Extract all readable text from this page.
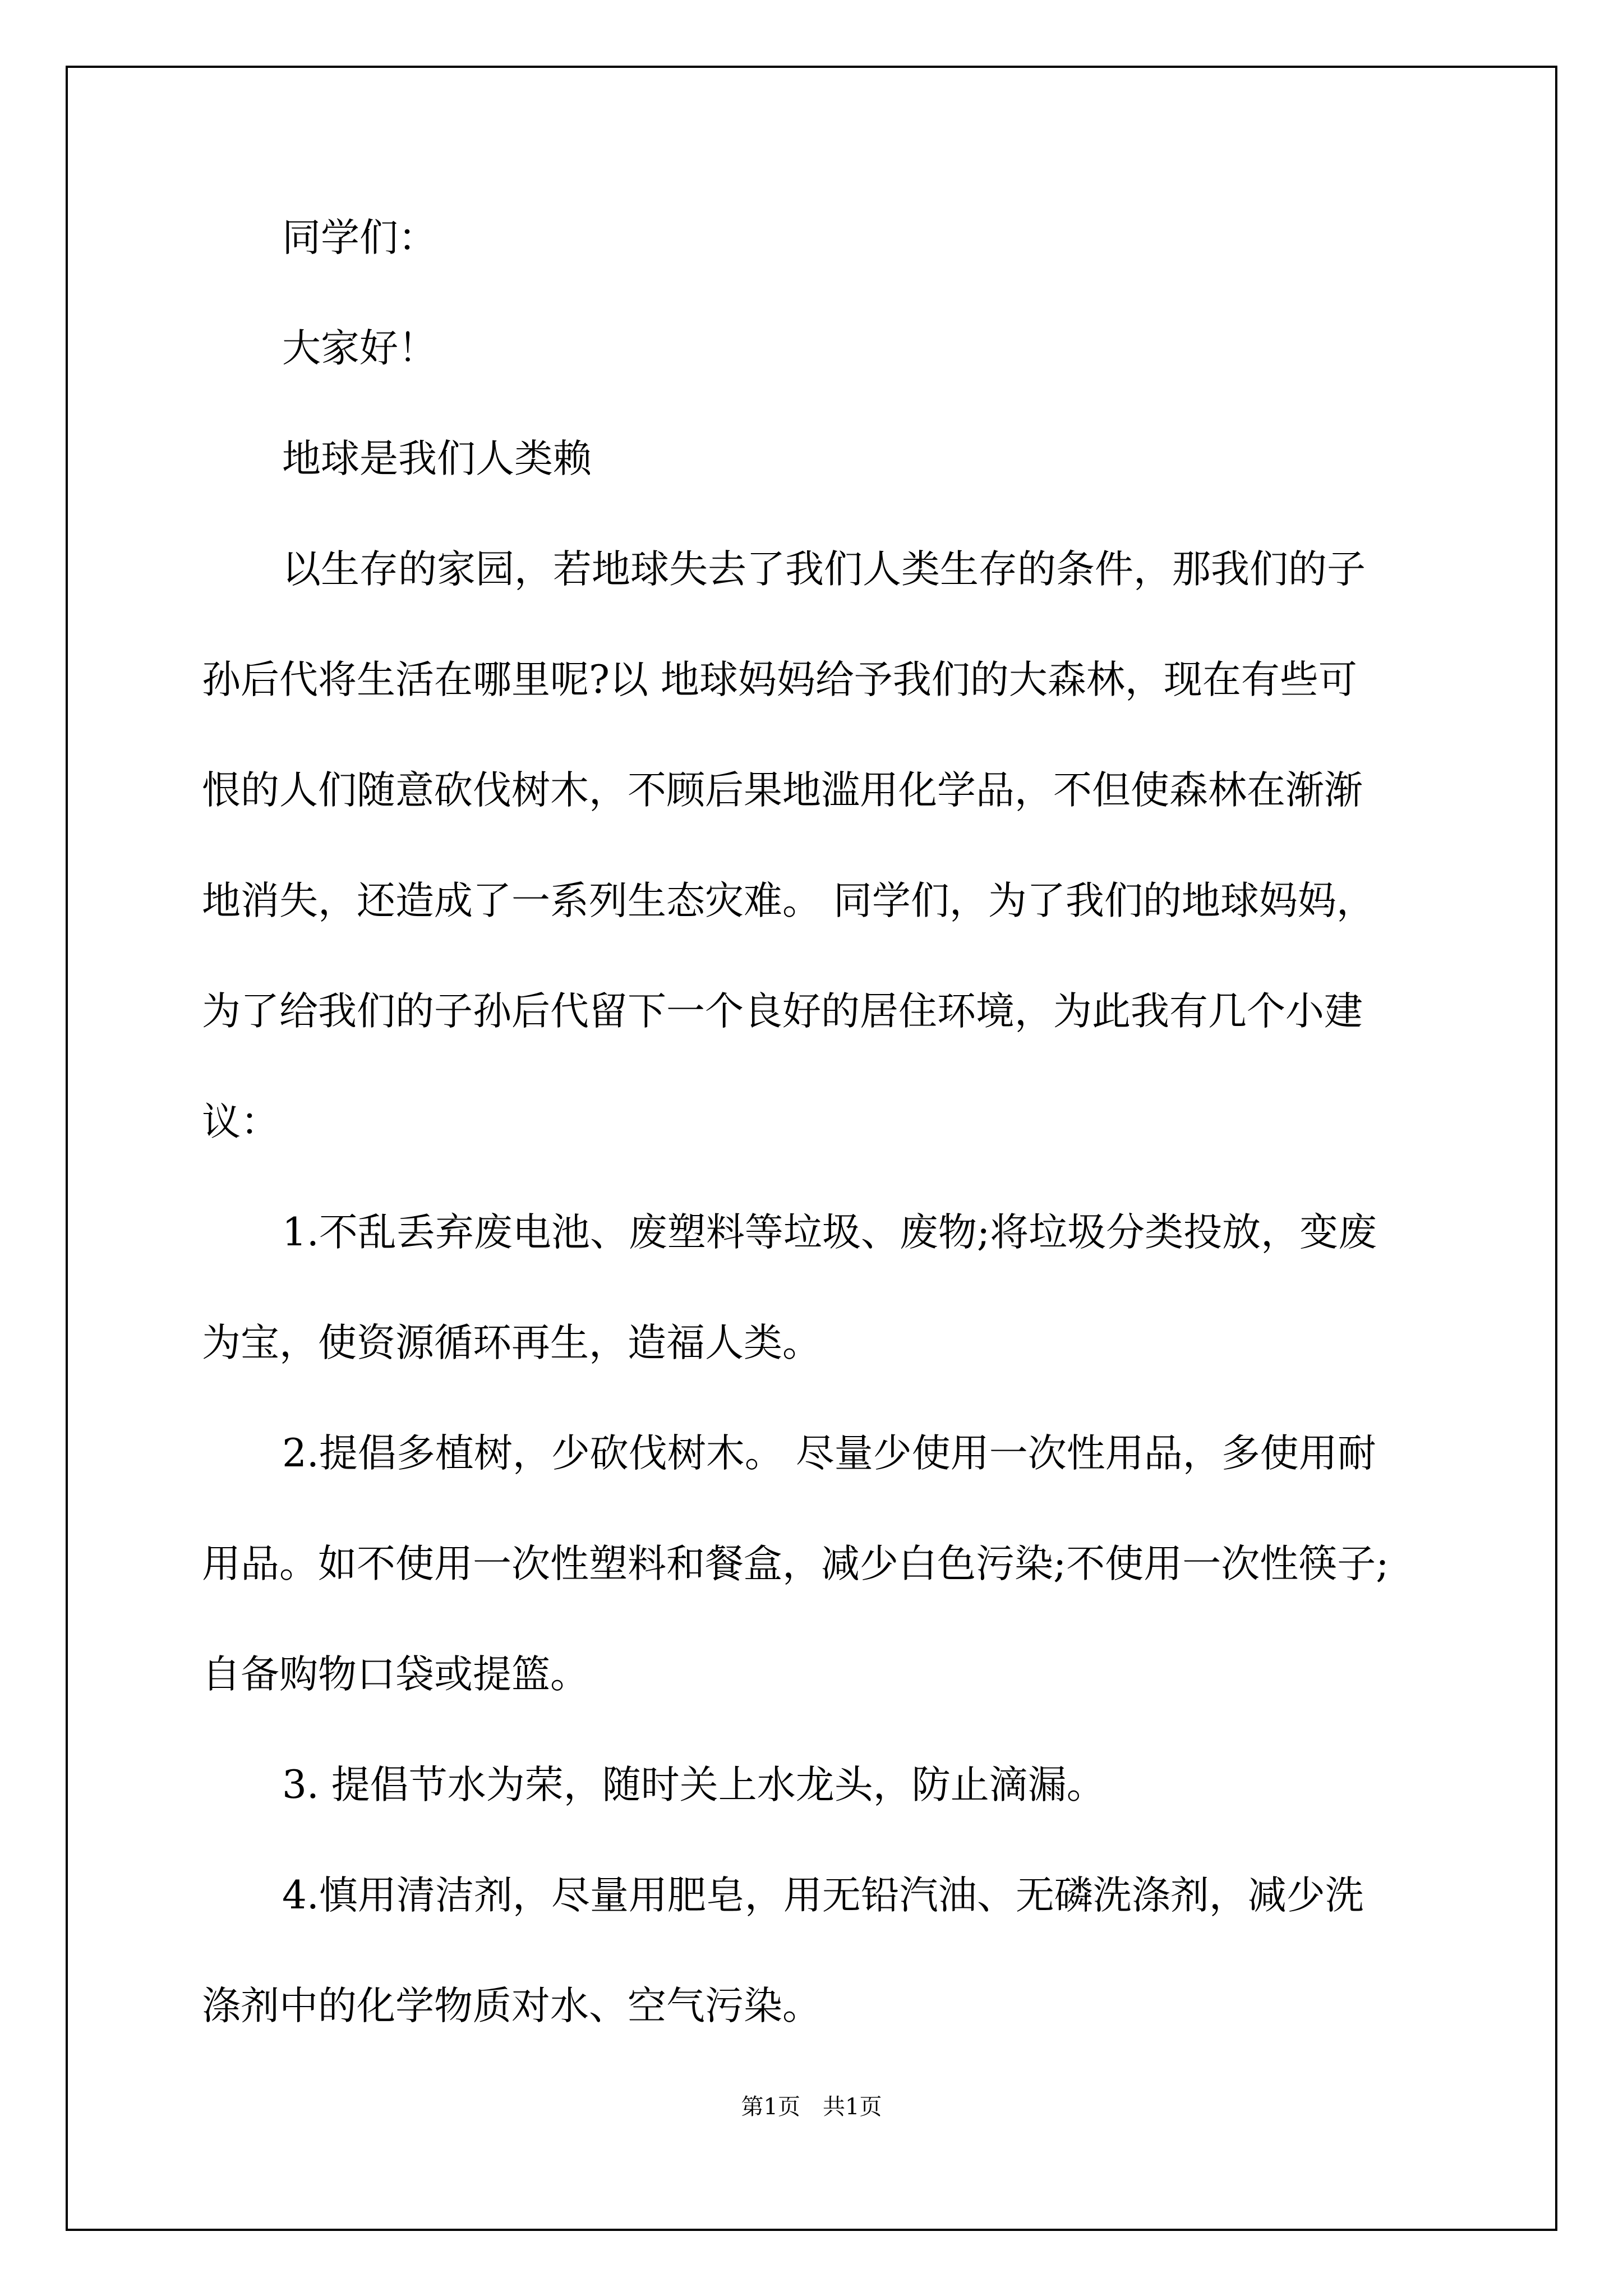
同学们：
大家好！
地球是我们人类赖
以生存的家园，若地球失去了我们人类生存的条件，那我们的子
孙后代将生活在哪里呢?以 地球妈妈给予我们的大森林，现在有些可
恨的人们随意砍伐树木，不顾后果地滥用化学品，不但使森林在渐渐
地消失，还造成了一系列生态灾难。 同学们，为了我们的地球妈妈，
为了给我们的子孙后代留下一个良好的居住环境，为此我有几个小建
议：
1.不乱丢弃废电池、废塑料等垃圾、废物;将垃圾分类投放，变废
为宝，使资源循环再生，造福人类。
2.提倡多植树，少砍伐树木。 尽量少使用一次性用品，多使用耐
用品。如不使用一次性塑料和餐盒，减少白色污染;不使用一次性筷子;
自备购物口袋或提篮。
3. 提倡节水为荣，随时关上水龙头，防止滴漏。
4.慎用清洁剂，尽量用肥皂，用无铅汽油、无磷洗涤剂，减少洗
涤剂中的化学物质对水、空气污染。
第1页　共1页
